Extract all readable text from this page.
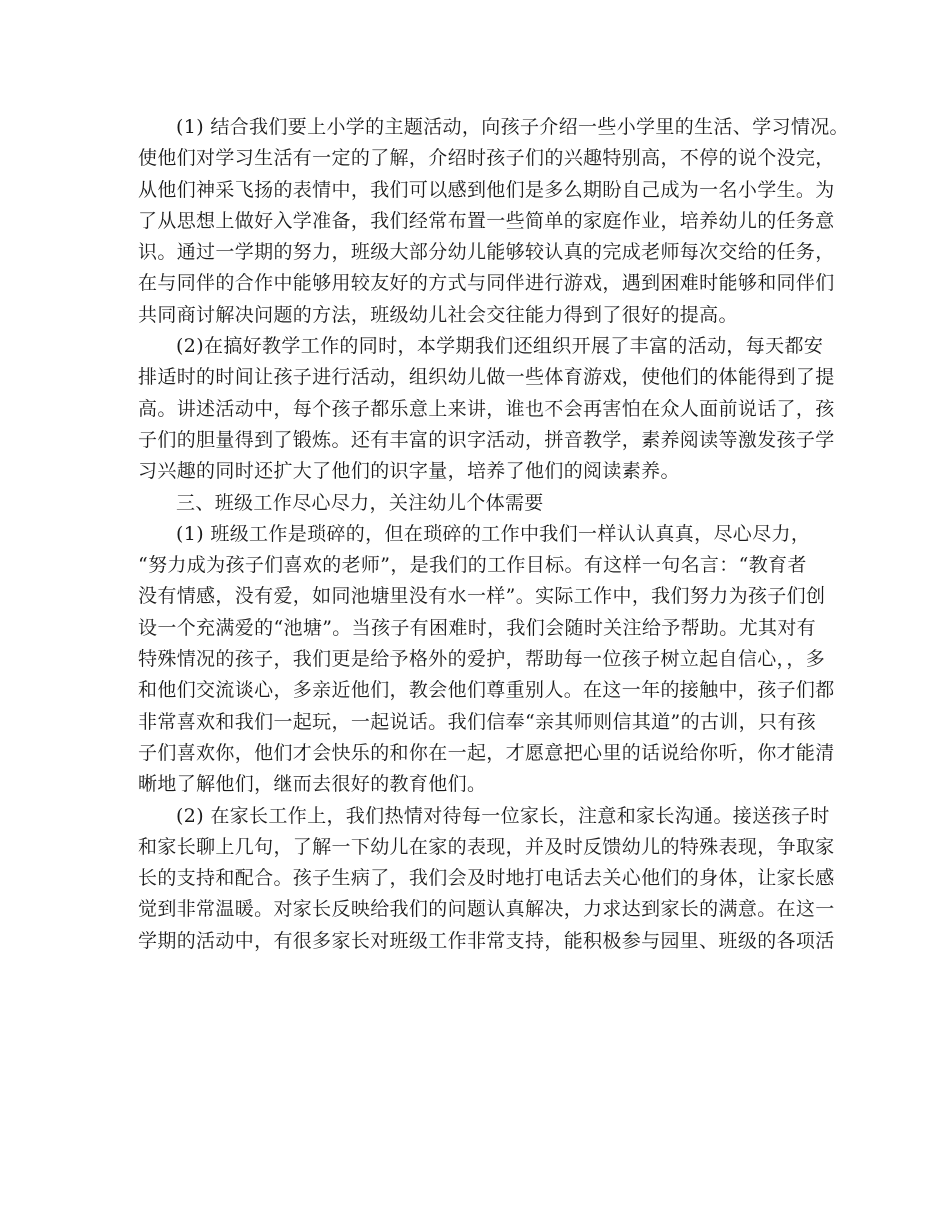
(1) 结合我们要上小学的主题活动，向孩子介绍一些小学里的生活、学习情况。
使他们对学习生活有一定的了解，介绍时孩子们的兴趣特别高，不停的说个没完，
从他们神采飞扬的表情中，我们可以感到他们是多么期盼自己成为一名小学生。为
了从思想上做好入学准备，我们经常布置一些简单的家庭作业，培养幼儿的任务意
识。通过一学期的努力，班级大部分幼儿能够较认真的完成老师每次交给的任务，
在与同伴的合作中能够用较友好的方式与同伴进行游戏，遇到困难时能够和同伴们
共同商讨解决问题的方法，班级幼儿社会交往能力得到了很好的提高。
(2)在搞好教学工作的同时，本学期我们还组织开展了丰富的活动，每天都安
排适时的时间让孩子进行活动，组织幼儿做一些体育游戏，使他们的体能得到了提
高。讲述活动中，每个孩子都乐意上来讲，谁也不会再害怕在众人面前说话了，孩
子们的胆量得到了锻炼。还有丰富的识字活动，拼音教学，素养阅读等激发孩子学
习兴趣的同时还扩大了他们的识字量，培养了他们的阅读素养。
三、班级工作尽心尽力，关注幼儿个体需要
(1) 班级工作是琐碎的，但在琐碎的工作中我们一样认认真真，尽心尽力，
“努力成为孩子们喜欢的老师”，是我们的工作目标。有这样一句名言：“教育者
没有情感，没有爱，如同池塘里没有水一样”。实际工作中，我们努力为孩子们创
设一个充满爱的“池塘”。当孩子有困难时，我们会随时关注给予帮助。尤其对有
特殊情况的孩子，我们更是给予格外的爱护，帮助每一位孩子树立起自信心，，多
和他们交流谈心，多亲近他们，教会他们尊重别人。在这一年的接触中，孩子们都
非常喜欢和我们一起玩，一起说话。我们信奉“亲其师则信其道”的古训，只有孩
子们喜欢你，他们才会快乐的和你在一起，才愿意把心里的话说给你听，你才能清
晰地了解他们，继而去很好的教育他们。
(2) 在家长工作上，我们热情对待每一位家长，注意和家长沟通。接送孩子时
和家长聊上几句，了解一下幼儿在家的表现，并及时反馈幼儿的特殊表现，争取家
长的支持和配合。孩子生病了，我们会及时地打电话去关心他们的身体，让家长感
觉到非常温暖。对家长反映给我们的问题认真解决，力求达到家长的满意。在这一
学期的活动中，有很多家长对班级工作非常支持，能积极参与园里、班级的各项活
